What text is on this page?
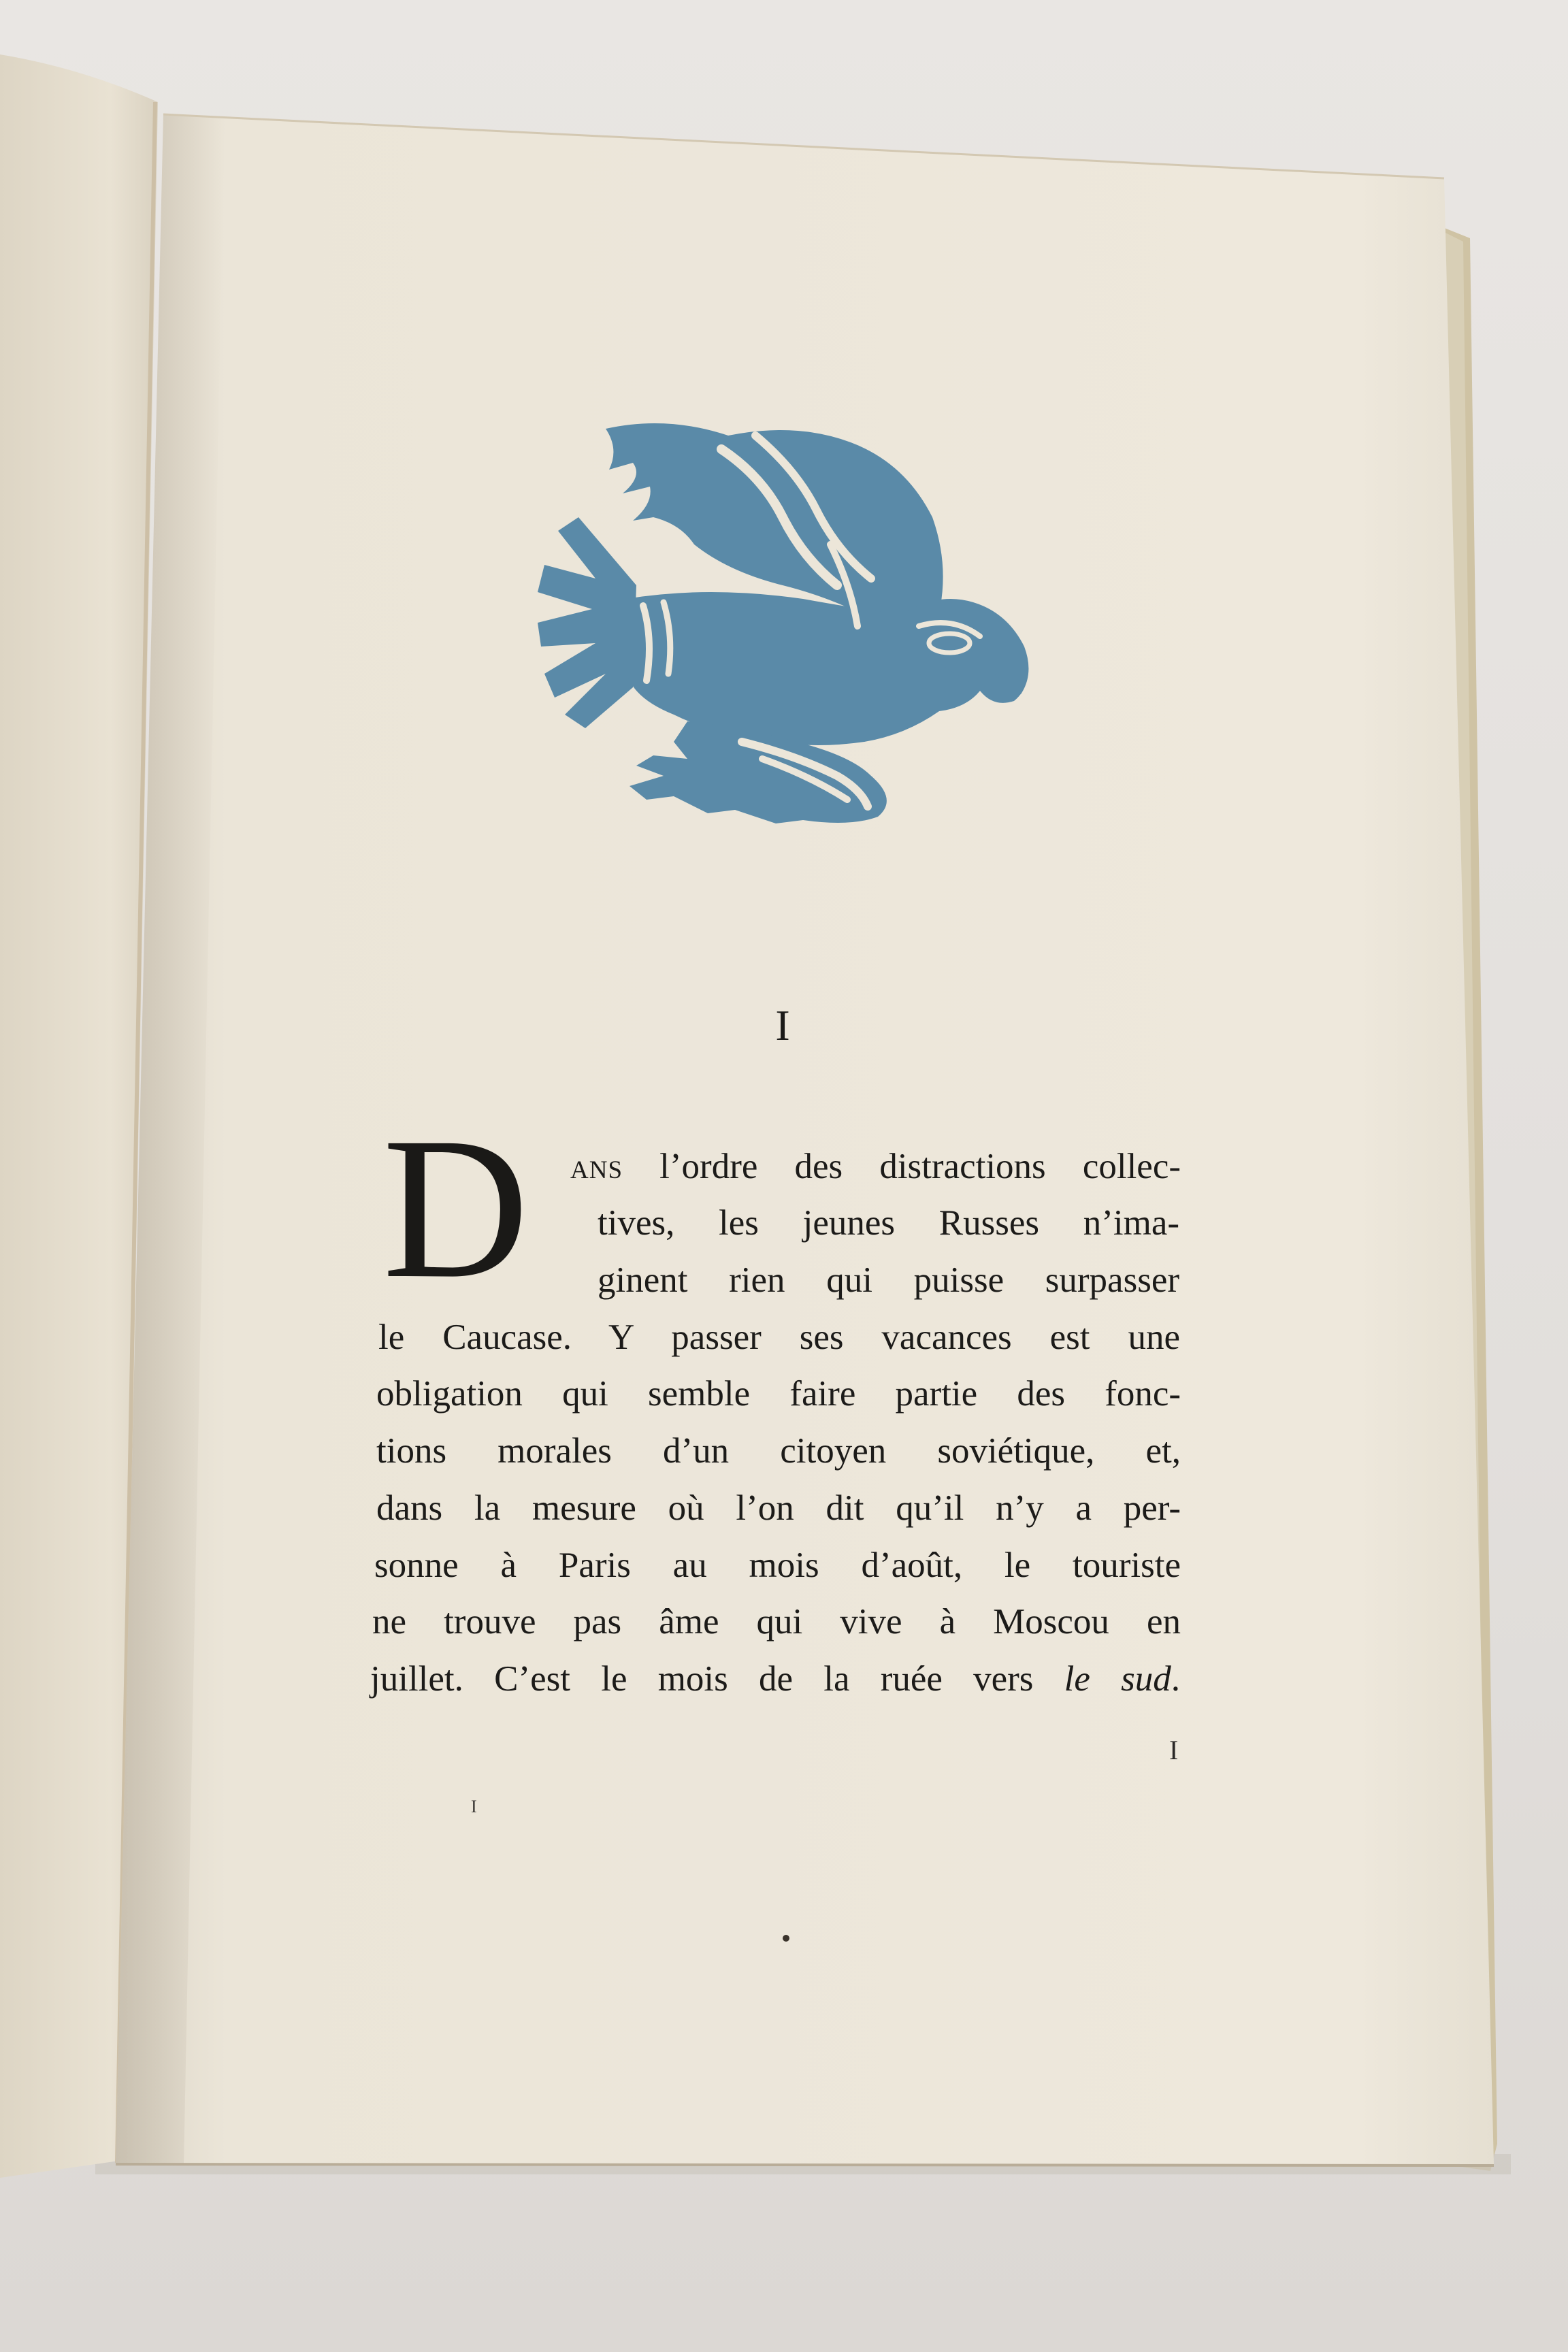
I
D ans l’ordre des distractions collec-
tives, les jeunes Russes n’ima-
ginent rien qui puisse surpasser
le Caucase. Y passer ses vacances est une
obligation qui semble faire partie des fonc-
tions morales d’un citoyen soviétique, et,
dans la mesure où l’on dit qu’il n’y a per-
sonne à Paris au mois d’août, le touriste
ne trouve pas âme qui vive à Moscou en
juillet. C’est le mois de la ruée vers le sud.
I
I
